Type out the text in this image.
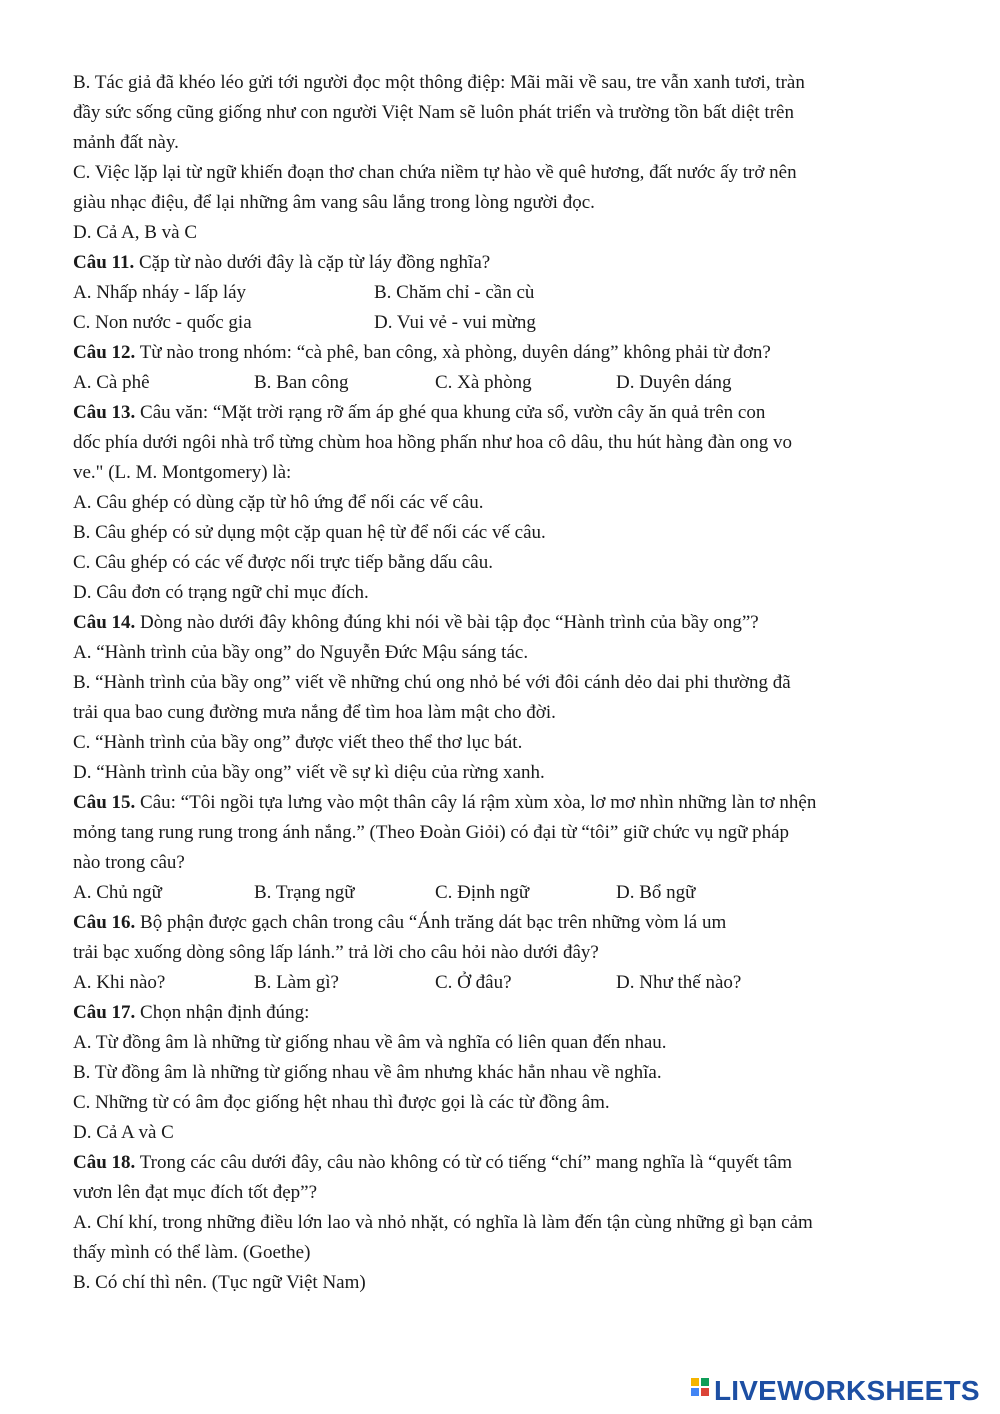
B. Tác giả đã khéo léo gửi tới người đọc một thông điệp: Mãi mãi về sau, tre vẫn xanh tươi, tràn
đầy sức sống cũng giống như con người Việt Nam sẽ luôn phát triển và trường tồn bất diệt trên
mảnh đất này.
C. Việc lặp lại từ ngữ khiến đoạn thơ chan chứa niềm tự hào về quê hương, đất nước ấy trở nên
giàu nhạc điệu, để lại những âm vang sâu lắng trong lòng người đọc.
D. Cả A, B và C
Câu 11. Cặp từ nào dưới đây là cặp từ láy đồng nghĩa?
A. Nhấp nháy - lấp láy	B. Chăm chỉ - cần cù
C. Non nước - quốc gia	D. Vui vẻ - vui mừng
Câu 12. Từ nào trong nhóm: “cà phê, ban công, xà phòng, duyên dáng” không phải từ đơn?
A. Cà phê	B. Ban công	C. Xà phòng	D. Duyên dáng
Câu 13. Câu văn: “Mặt trời rạng rỡ ấm áp ghé qua khung cửa sổ, vườn cây ăn quả trên con
dốc phía dưới ngôi nhà trổ từng chùm hoa hồng phấn như hoa cô dâu, thu hút hàng đàn ong vo
ve." (L. M. Montgomery) là:
A. Câu ghép có dùng cặp từ hô ứng để nối các vế câu.
B. Câu ghép có sử dụng một cặp quan hệ từ để nối các vế câu.
C. Câu ghép có các vế được nối trực tiếp bằng dấu câu.
D. Câu đơn có trạng ngữ chỉ mục đích.
Câu 14. Dòng nào dưới đây không đúng khi nói về bài tập đọc “Hành trình của bầy ong”?
A. “Hành trình của bầy ong” do Nguyễn Đức Mậu sáng tác.
B. “Hành trình của bầy ong” viết về những chú ong nhỏ bé với đôi cánh dẻo dai phi thường đã
trải qua bao cung đường mưa nắng để tìm hoa làm mật cho đời.
C. “Hành trình của bầy ong” được viết theo thể thơ lục bát.
D. “Hành trình của bầy ong” viết về sự kì diệu của rừng xanh.
Câu 15. Câu: “Tôi ngồi tựa lưng vào một thân cây lá rậm xùm xòa, lơ mơ nhìn những làn tơ nhện
mỏng tang rung rung trong ánh nắng.” (Theo Đoàn Giỏi) có đại từ “tôi” giữ chức vụ ngữ pháp
nào trong câu?
A. Chủ ngữ	B. Trạng ngữ	C. Định ngữ	D. Bổ ngữ
Câu 16. Bộ phận được gạch chân trong câu “Ánh trăng dát bạc trên những vòm lá um
trải bạc xuống dòng sông lấp lánh.” trả lời cho câu hỏi nào dưới đây?
A. Khi nào?	B. Làm gì?	C. Ở đâu?	D. Như thế nào?
Câu 17. Chọn nhận định đúng:
A. Từ đồng âm là những từ giống nhau về âm và nghĩa có liên quan đến nhau.
B. Từ đồng âm là những từ giống nhau về âm nhưng khác hẳn nhau về nghĩa.
C. Những từ có âm đọc giống hệt nhau thì được gọi là các từ đồng âm.
D. Cả A và C
Câu 18. Trong các câu dưới đây, câu nào không có từ có tiếng “chí” mang nghĩa là “quyết tâm
vươn lên đạt mục đích tốt đẹp”?
A. Chí khí, trong những điều lớn lao và nhỏ nhặt, có nghĩa là làm đến tận cùng những gì bạn cảm
thấy mình có thể làm. (Goethe)
B. Có chí thì nên. (Tục ngữ Việt Nam)
LIVEWORKSHEETS
